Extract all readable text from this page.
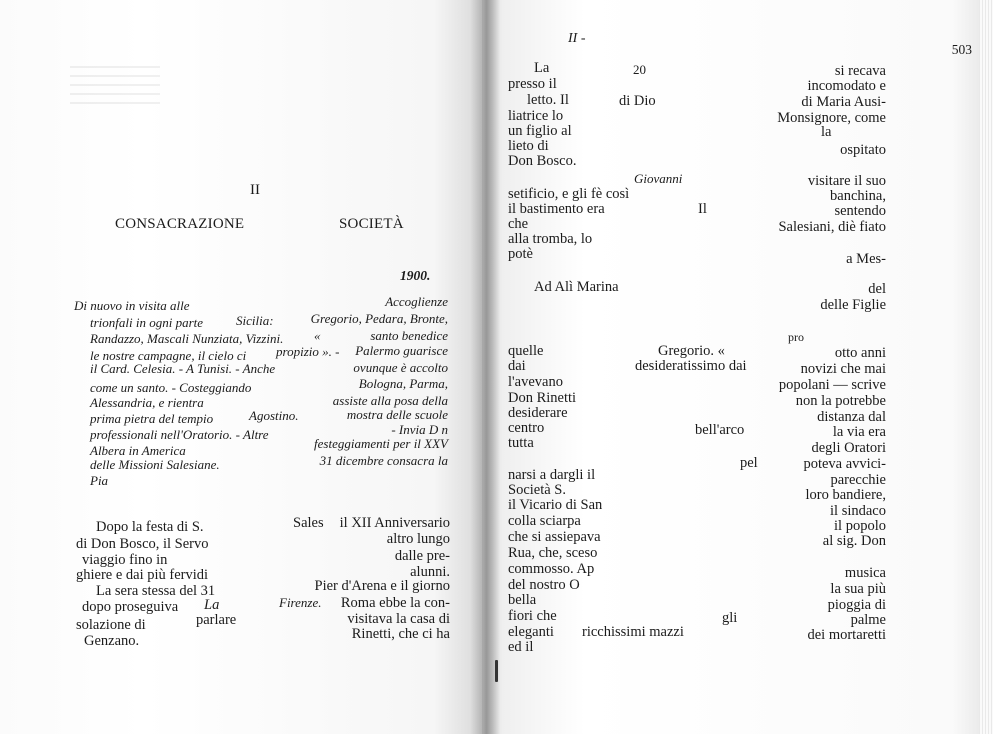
II
CONSACRAZIONE	SOCIETÀ
1900.
Di nuovo in visita alle	Accoglienze
trionfali in ogni parte	Sicilia:	Gregorio, Pedara, Bronte,
Randazzo, Mascali Nunziata, Vizzini. «	santo benedice
le nostre campagne, il cielo ci propizio ». -	Palermo guarisce
il Card. Celesia. - A Tunisi. - Anche	ovunque è accolto
come un santo. - Costeggiando	Bologna, Parma,
Alessandria, e rientra	assiste alla posa della
prima pietra del tempio	Agostino.	mostra delle scuole
professionali nell'Oratorio. - Altre	- Invia D n
Albera in America	festeggiamenti per il XXV
delle Missioni Salesiane.	31 dicembre consacra la
Pia
Dopo la festa di S.	Sales	il XII Anniversario
di Don Bosco, il Servo	altro lungo
viaggio fino in	dalle pre-
ghiere e dai più fervidi	alunni.
La sera stessa del 31	Pier d'Arena e il giorno
dopo proseguiva La	Firenze.	Roma ebbe la con-
solazione di	parlare	visitava la casa di
Genzano.	Rinetti, che ci ha
II -
503
La	20	si recava
presso il	incomodato e
letto. Il	di Dio	di Maria Ausi-
liatrice lo	Monsignore, come
un figlio al	la
lieto di
Don Bosco.
ospitato
Giovanni
setificio, e gli fè così
visitare il suo
il bastimento era	Il
banchina,
che
sentendo
alla tromba, lo
Salesiani, diè fiato
potè	a Mes-
Ad Alì Marina	del
delle Figlie
pro
quelle	Gregorio. «	otto anni
dai	desideratissimo dai	novizi che mai
l'avevano	popolani — scrive
Don Rinetti	non la potrebbe
desiderare	distanza dal
centro	bell'arco	la via era
tutta	degli Oratori
pel	poteva avvici-
narsi a dargli il	parecchie
Società S.	loro bandiere,
il Vicario di San	il sindaco
colla sciarpa	il popolo
che si assiepava	al sig. Don
Rua, che, sceso
commosso. Ap	musica
del nostro O	la sua più
bella	pioggia di
fiori che	gli	palme
eleganti ricchissimi mazzi	dei mortaretti
ed il
